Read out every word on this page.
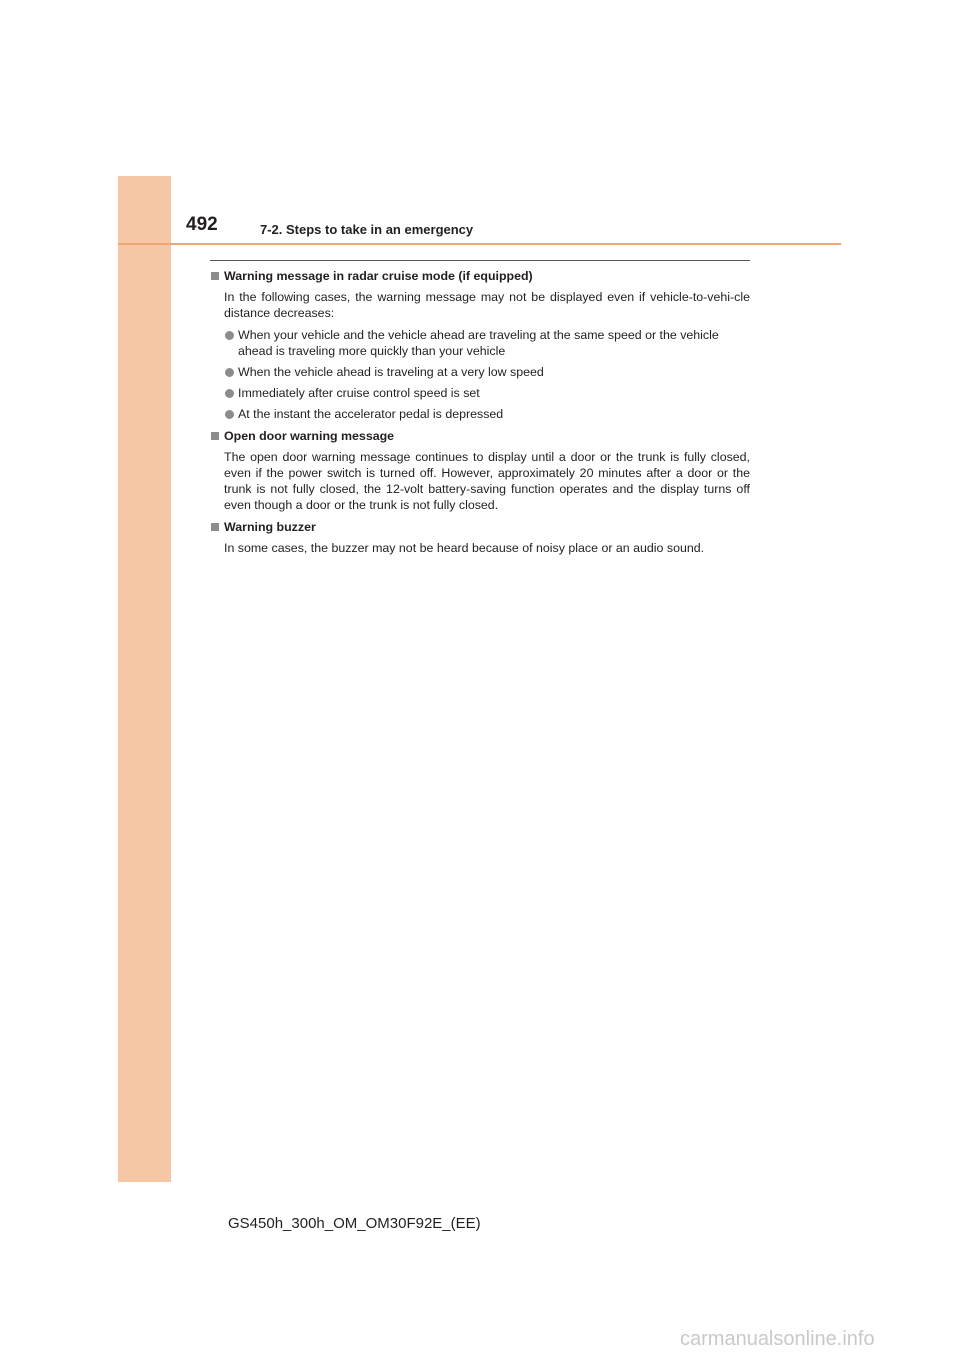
492	7-2. Steps to take in an emergency
Warning message in radar cruise mode (if equipped)
In the following cases, the warning message may not be displayed even if vehicle-to-vehi-cle distance decreases:
When your vehicle and the vehicle ahead are traveling at the same speed or the vehicle ahead is traveling more quickly than your vehicle
When the vehicle ahead is traveling at a very low speed
Immediately after cruise control speed is set
At the instant the accelerator pedal is depressed
Open door warning message
The open door warning message continues to display until a door or the trunk is fully closed, even if the power switch is turned off. However, approximately 20 minutes after a door or the trunk is not fully closed, the 12-volt battery-saving function operates and the display turns off even though a door or the trunk is not fully closed.
Warning buzzer
In some cases, the buzzer may not be heard because of noisy place or an audio sound.
GS450h_300h_OM_OM30F92E_(EE)
carmanualsonline.info
